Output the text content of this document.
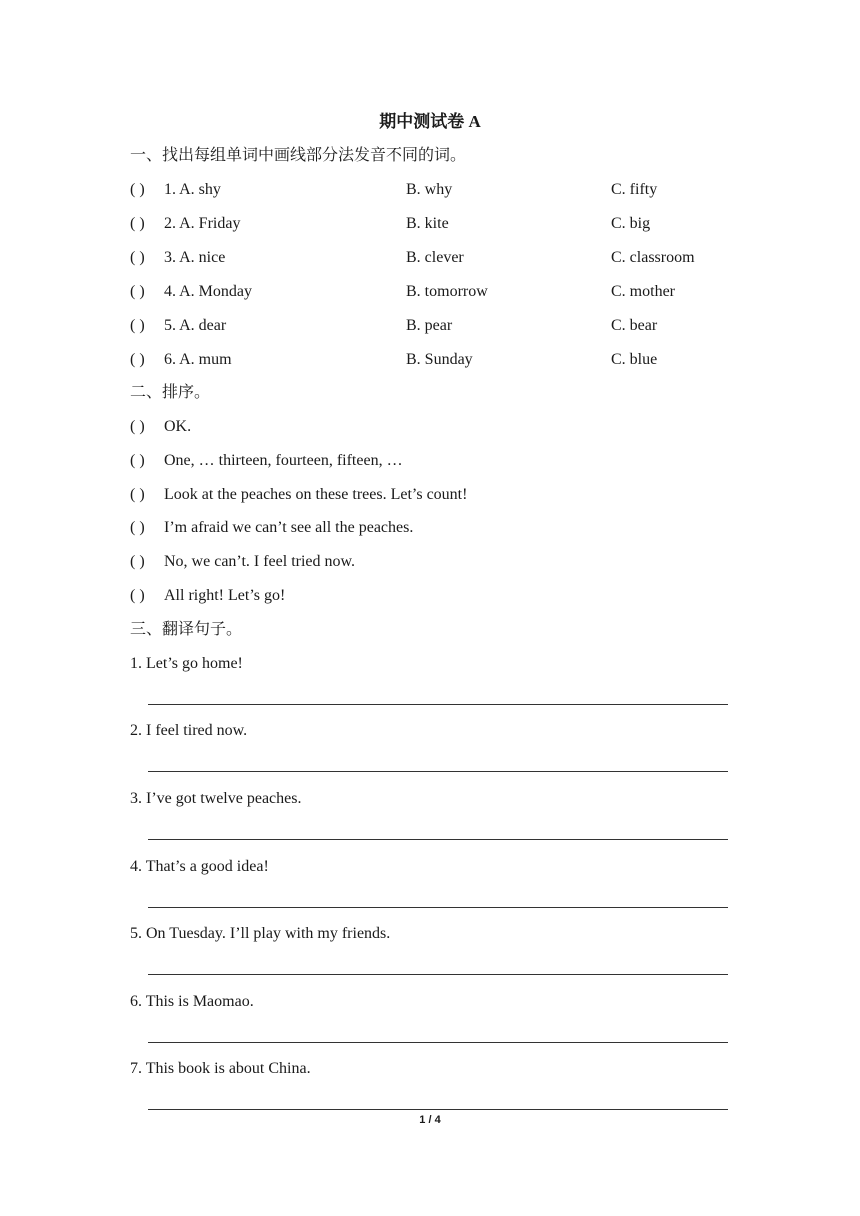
期中测试卷 A
一、找出每组单词中画线部分法发音不同的词。
( ) 1. A. shy	B. why	C. fifty
( ) 2. A. Friday	B. kite	C. big
( ) 3. A. nice	B. clever	C. classroom
( ) 4. A. Monday	B. tomorrow	C. mother
( ) 5. A. dear	B. pear	C. bear
( ) 6. A. mum	B. Sunday	C. blue
二、排序。
( ) OK.
( ) One, … thirteen, fourteen, fifteen, …
( ) Look at the peaches on these trees. Let’s count!
( ) I’m afraid we can’t see all the peaches.
( ) No, we can’t. I feel tried now.
( ) All right! Let’s go!
三、翻译句子。
1. Let’s go home!
2. I feel tired now.
3. I’ve got twelve peaches.
4. That’s a good idea!
5. On Tuesday. I’ll play with my friends.
6. This is Maomao.
7. This book is about China.
1 / 4
